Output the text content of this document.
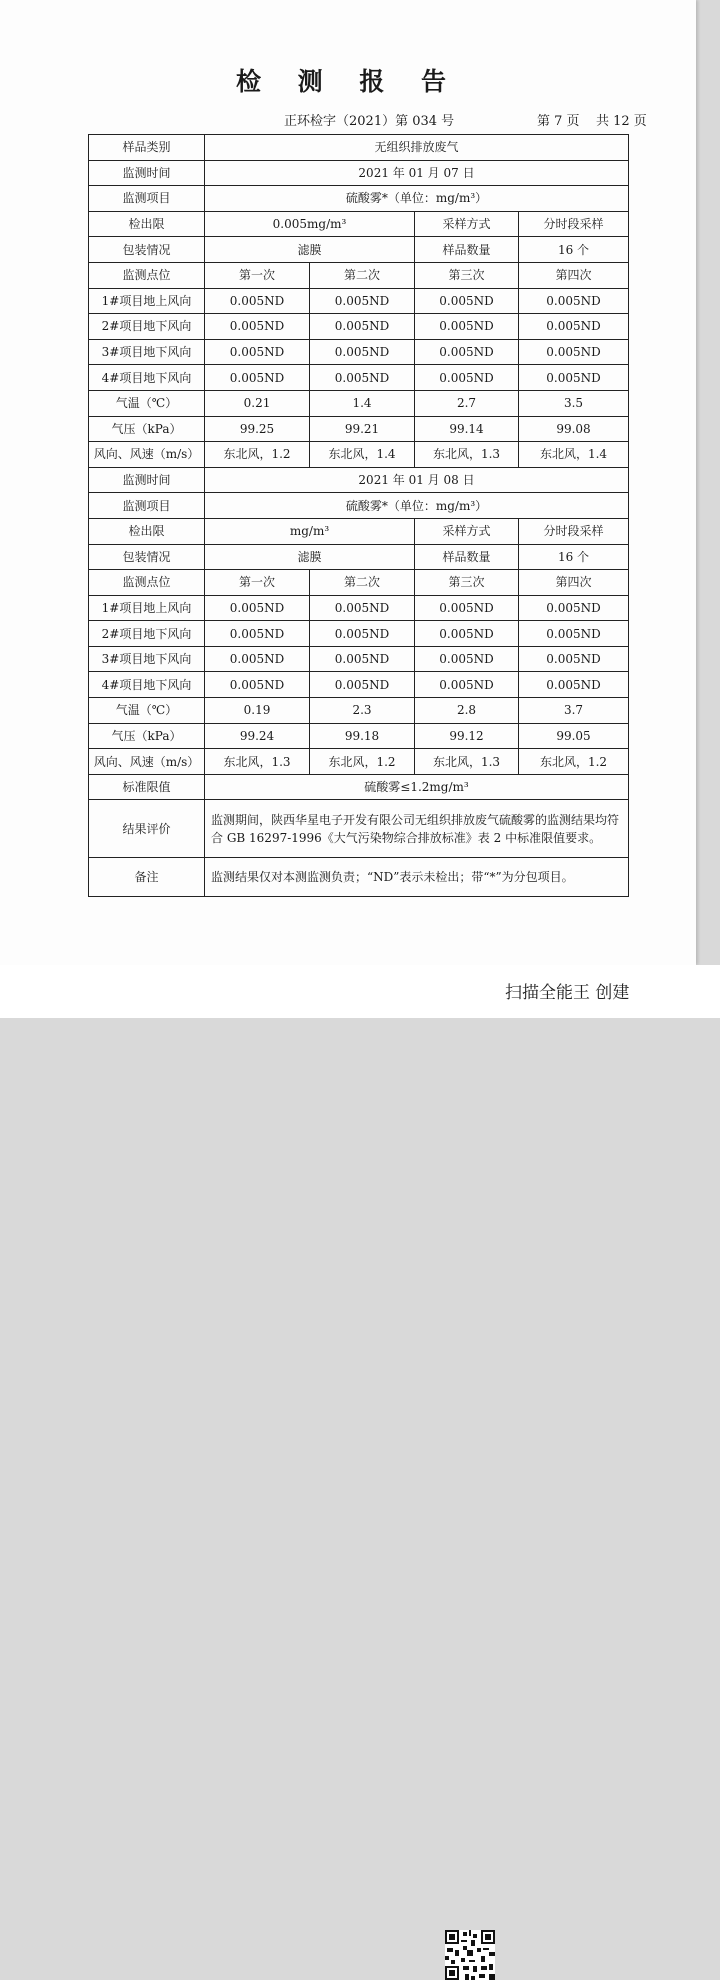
检 测 报 告
正环检字（2021）第 034 号	第 7 页 共 12 页
样品类别	无组织排放废气			
监测时间	2021 年 01 月 07 日			
监测项目	硫酸雾*（单位：mg/m³）			
检出限	0.005mg/m³		采样方式	分时段采样
包装情况	滤膜		样品数量	16 个
监测点位	第一次	第二次	第三次	第四次
1#项目地上风向	0.005ND	0.005ND	0.005ND	0.005ND
2#项目地下风向	0.005ND	0.005ND	0.005ND	0.005ND
3#项目地下风向	0.005ND	0.005ND	0.005ND	0.005ND
4#项目地下风向	0.005ND	0.005ND	0.005ND	0.005ND
气温（℃）	0.21	1.4	2.7	3.5
气压（kPa）	99.25	99.21	99.14	99.08
风向、风速（m/s）	东北风，1.2	东北风，1.4	东北风，1.3	东北风，1.4
监测时间	2021 年 01 月 08 日			
监测项目	硫酸雾*（单位：mg/m³）			
检出限	mg/m³		采样方式	分时段采样
包装情况	滤膜		样品数量	16 个
监测点位	第一次	第二次	第三次	第四次
1#项目地上风向	0.005ND	0.005ND	0.005ND	0.005ND
2#项目地下风向	0.005ND	0.005ND	0.005ND	0.005ND
3#项目地下风向	0.005ND	0.005ND	0.005ND	0.005ND
4#项目地下风向	0.005ND	0.005ND	0.005ND	0.005ND
气温（℃）	0.19	2.3	2.8	3.7
气压（kPa）	99.24	99.18	99.12	99.05
风向、风速（m/s）	东北风，1.3	东北风，1.2	东北风，1.3	东北风，1.2
标准限值	硫酸雾≤1.2mg/m³			
结果评价	监测期间，陕西华星电子开发有限公司无组织排放废气硫酸雾的监测结果均符合 GB 16297-1996《大气污染物综合排放标准》表 2 中标准限值要求。			
备注	监测结果仅对本测监测负责；“ND”表示未检出；带“*”为分包项目。			
扫描全能王 创建
